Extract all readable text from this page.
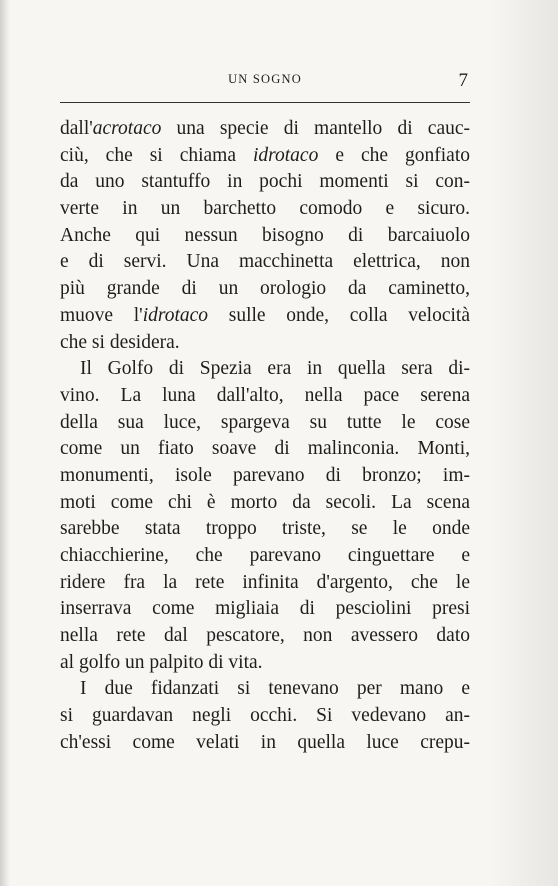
UN SOGNO	7
dall'acrotaco una specie di mantello di cauc-
ciù, che si chiama idrotaco e che gonfiato
da uno stantuffo in pochi momenti si con-
verte in un barchetto comodo e sicuro.
Anche qui nessun bisogno di barcaiuolo
e di servi. Una macchinetta elettrica, non
più grande di un orologio da caminetto,
muove l'idrotaco sulle onde, colla velocità
che si desidera.
Il Golfo di Spezia era in quella sera di-
vino. La luna dall'alto, nella pace serena
della sua luce, spargeva su tutte le cose
come un fiato soave di malinconia. Monti,
monumenti, isole parevano di bronzo; im-
moti come chi è morto da secoli. La scena
sarebbe stata troppo triste, se le onde
chiacchierine, che parevano cinguettare e
ridere fra la rete infinita d'argento, che le
inserrava come migliaia di pesciolini presi
nella rete dal pescatore, non avessero dato
al golfo un palpito di vita.
I due fidanzati si tenevano per mano e
si guardavan negli occhi. Si vedevano an-
ch'essi come velati in quella luce crepu-
